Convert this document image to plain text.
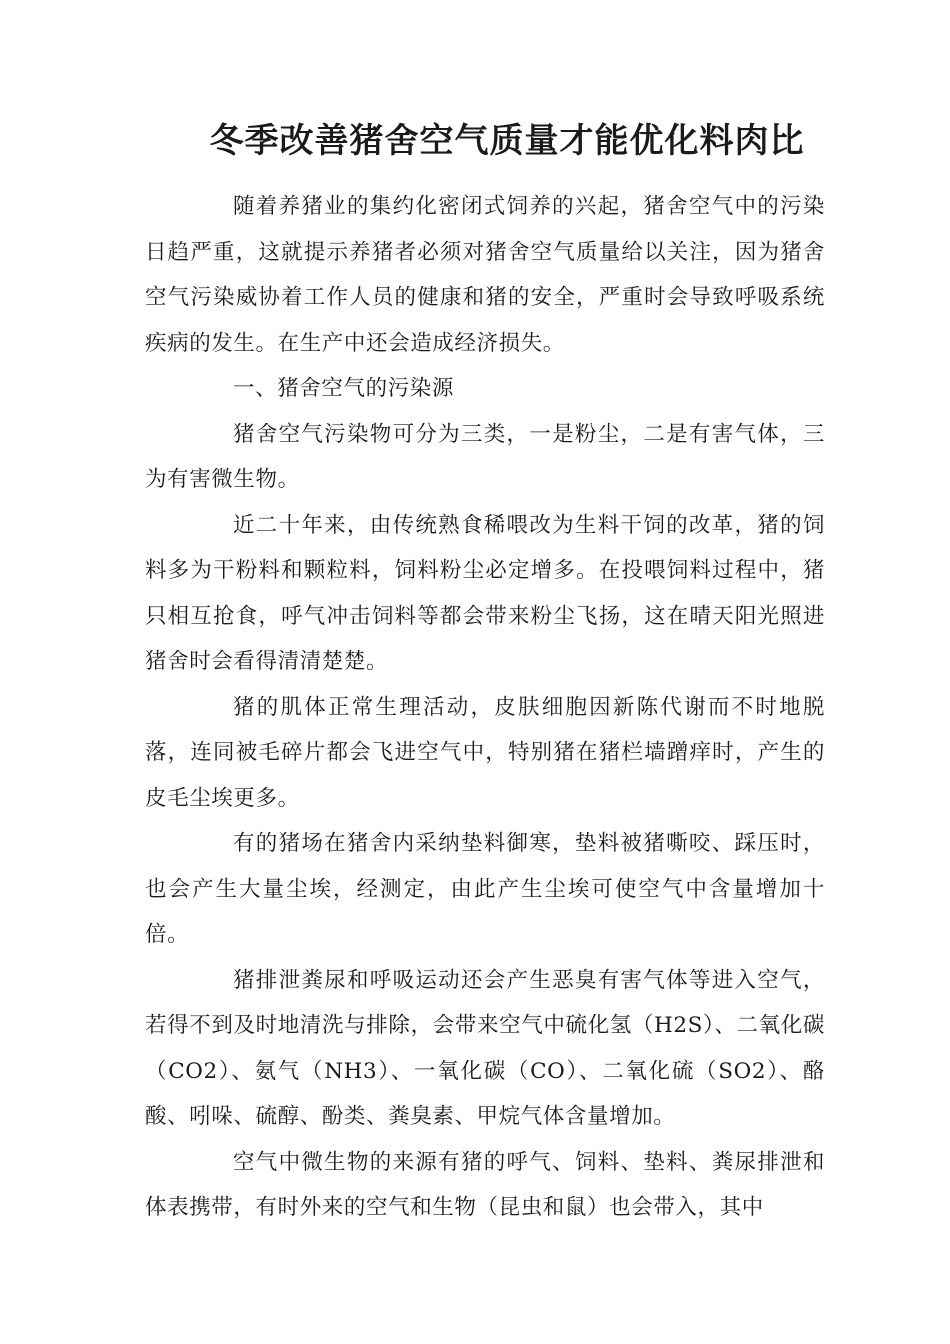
冬季改善猪舍空气质量才能优化料肉比

随着养猪业的集约化密闭式饲养的兴起，猪舍空气中的污染日趋严重，这就提示养猪者必须对猪舍空气质量给以关注，因为猪舍空气污染威协着工作人员的健康和猪的安全，严重时会导致呼吸系统疾病的发生。在生产中还会造成经济损失。

一、猪舍空气的污染源

猪舍空气污染物可分为三类，一是粉尘，二是有害气体，三为有害微生物。

近二十年来，由传统熟食稀喂改为生料干饲的改革，猪的饲料多为干粉料和颗粒料，饲料粉尘必定增多。在投喂饲料过程中，猪只相互抢食，呼气冲击饲料等都会带来粉尘飞扬，这在晴天阳光照进猪舍时会看得清清楚楚。

猪的肌体正常生理活动，皮肤细胞因新陈代谢而不时地脱落，连同被毛碎片都会飞进空气中，特别猪在猪栏墙蹭痒时，产生的皮毛尘埃更多。

有的猪场在猪舍内采纳垫料御寒，垫料被猪嘶咬、踩压时，也会产生大量尘埃，经测定，由此产生尘埃可使空气中含量增加十倍。

猪排泄粪尿和呼吸运动还会产生恶臭有害气体等进入空气，若得不到及时地清洗与排除，会带来空气中硫化氢（H2S）、二氧化碳（CO2）、氨气（NH3）、一氧化碳（CO）、二氧化硫（SO2）、酪酸、吲哚、硫醇、酚类、粪臭素、甲烷气体含量增加。

空气中微生物的来源有猪的呼气、饲料、垫料、粪尿排泄和体表携带，有时外来的空气和生物（昆虫和鼠）也会带入，其中
